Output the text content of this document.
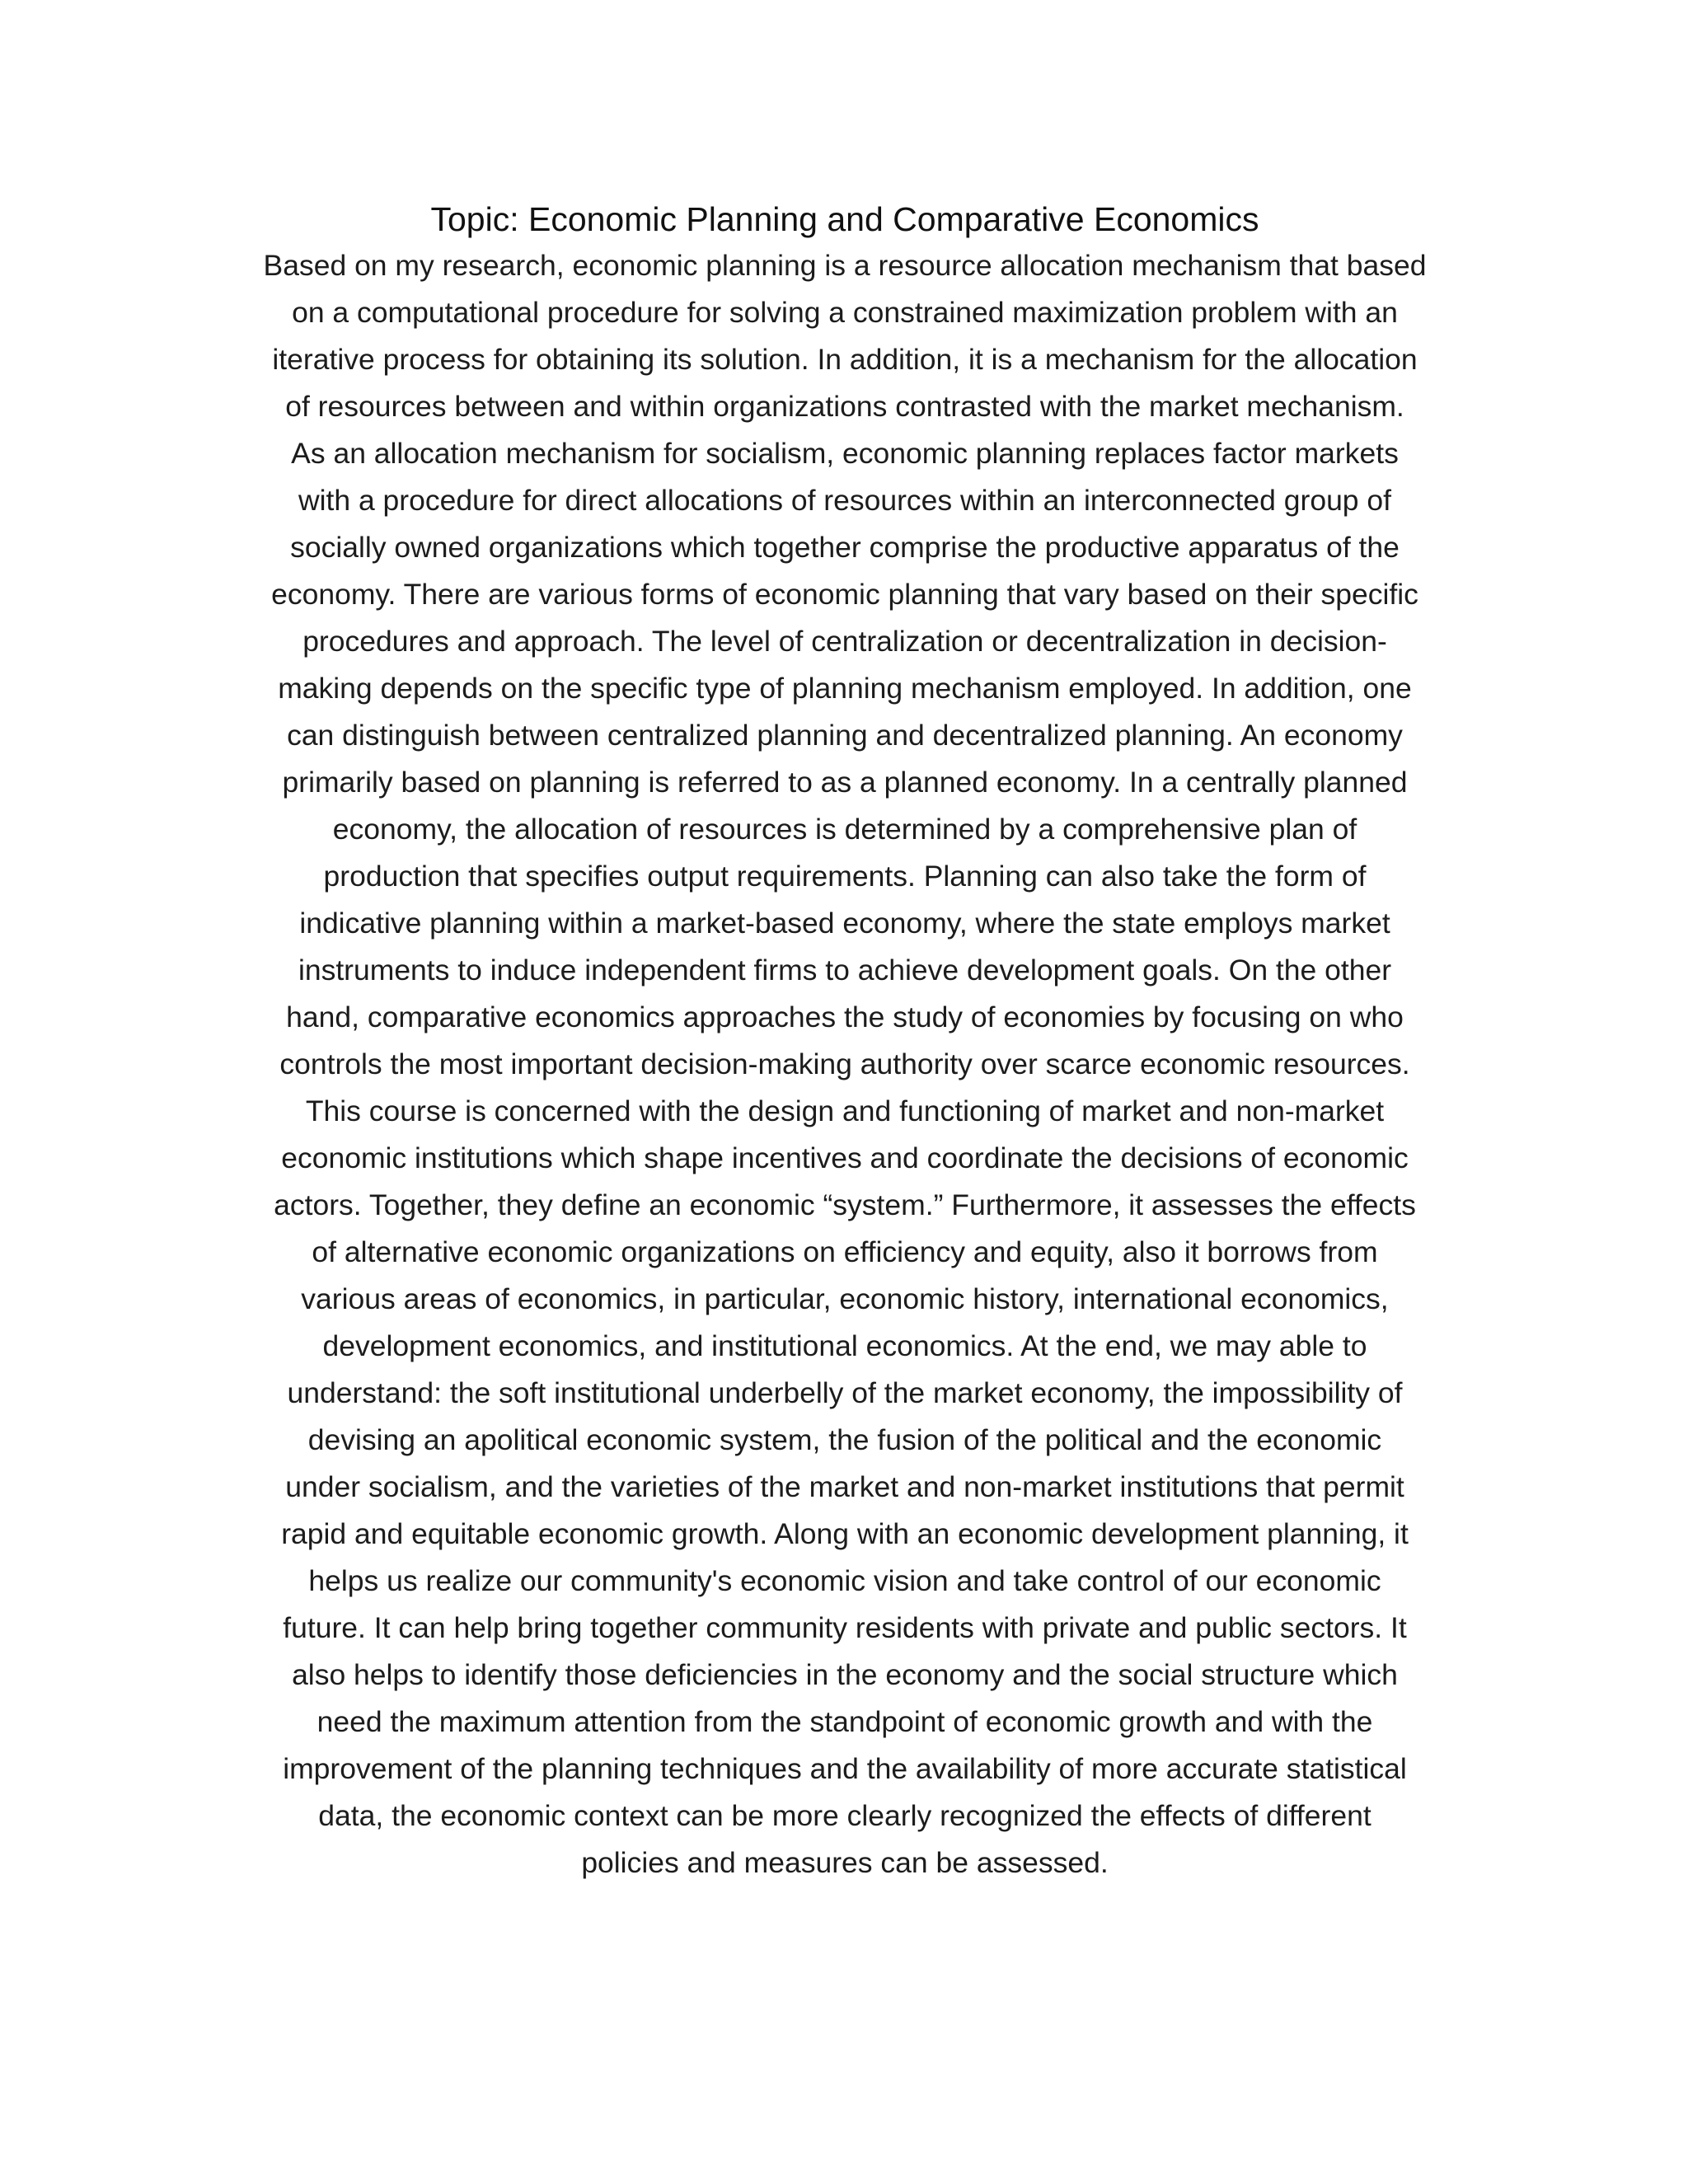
Topic: Economic Planning and Comparative Economics

Based on my research, economic planning is a resource allocation mechanism that based
on a computational procedure for solving a constrained maximization problem with an
iterative process for obtaining its solution. In addition, it is a mechanism for the allocation
of resources between and within organizations contrasted with the market mechanism.
As an allocation mechanism for socialism, economic planning replaces factor markets
with a procedure for direct allocations of resources within an interconnected group of
socially owned organizations which together comprise the productive apparatus of the
economy. There are various forms of economic planning that vary based on their specific
procedures and approach. The level of centralization or decentralization in decision-
making depends on the specific type of planning mechanism employed. In addition, one
can distinguish between centralized planning and decentralized planning. An economy
primarily based on planning is referred to as a planned economy. In a centrally planned
economy, the allocation of resources is determined by a comprehensive plan of
production that specifies output requirements. Planning can also take the form of
indicative planning within a market-based economy, where the state employs market
instruments to induce independent firms to achieve development goals. On the other
hand, comparative economics approaches the study of economies by focusing on who
controls the most important decision-making authority over scarce economic resources.
This course is concerned with the design and functioning of market and non-market
economic institutions which shape incentives and coordinate the decisions of economic
actors. Together, they define an economic “system.” Furthermore, it assesses the effects
of alternative economic organizations on efficiency and equity, also it borrows from
various areas of economics, in particular, economic history, international economics,
development economics, and institutional economics. At the end, we may able to
understand: the soft institutional underbelly of the market economy, the impossibility of
devising an apolitical economic system, the fusion of the political and the economic
under socialism, and the varieties of the market and non-market institutions that permit
rapid and equitable economic growth. Along with an economic development planning, it
helps us realize our community's economic vision and take control of our economic
future. It can help bring together community residents with private and public sectors. It
also helps to identify those deficiencies in the economy and the social structure which
need the maximum attention from the standpoint of economic growth and with the
improvement of the planning techniques and the availability of more accurate statistical
data, the economic context can be more clearly recognized the effects of different
policies and measures can be assessed.
